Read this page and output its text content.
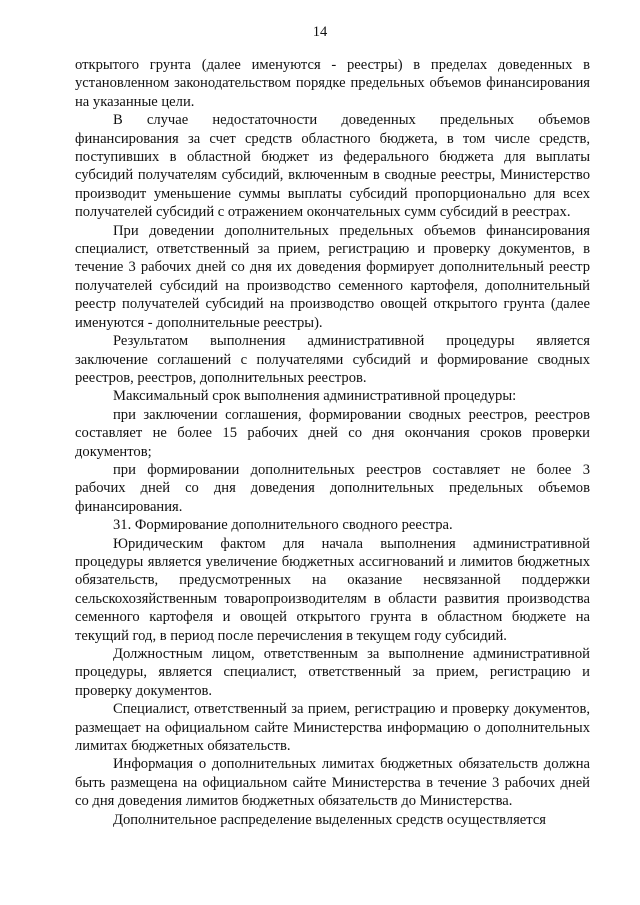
14

открытого грунта (далее именуются - реестры) в пределах доведенных в установленном законодательством порядке предельных объемов финансирования на указанные цели.

В случае недостаточности доведенных предельных объемов финансирования за счет средств областного бюджета, в том числе средств, поступивших в областной бюджет из федерального бюджета для выплаты субсидий получателям субсидий, включенным в сводные реестры, Министерство производит уменьшение суммы выплаты субсидий пропорционально для всех получателей субсидий с отражением окончательных сумм субсидий в реестрах.

При доведении дополнительных предельных объемов финансирования специалист, ответственный за прием, регистрацию и проверку документов, в течение 3 рабочих дней со дня их доведения формирует дополнительный реестр получателей субсидий на производство семенного картофеля, дополнительный реестр получателей субсидий на производство овощей открытого грунта (далее именуются - дополнительные реестры).

Результатом выполнения административной процедуры является заключение соглашений с получателями субсидий и формирование сводных реестров, реестров, дополнительных реестров.

Максимальный срок выполнения административной процедуры:

при заключении соглашения, формировании сводных реестров, реестров составляет не более 15 рабочих дней со дня окончания сроков проверки документов;

при формировании дополнительных реестров составляет не более 3 рабочих дней со дня доведения дополнительных предельных объемов финансирования.

31. Формирование дополнительного сводного реестра.

Юридическим фактом для начала выполнения административной процедуры является увеличение бюджетных ассигнований и лимитов бюджетных обязательств, предусмотренных на оказание несвязанной поддержки сельскохозяйственным товаропроизводителям в области развития производства семенного картофеля и овощей открытого грунта в областном бюджете на текущий год, в период после перечисления в текущем году субсидий.

Должностным лицом, ответственным за выполнение административной процедуры, является специалист, ответственный за прием, регистрацию и проверку документов.

Специалист, ответственный за прием, регистрацию и проверку документов, размещает на официальном сайте Министерства информацию о дополнительных лимитах бюджетных обязательств.

Информация о дополнительных лимитах бюджетных обязательств должна быть размещена на официальном сайте Министерства в течение 3 рабочих дней со дня доведения лимитов бюджетных обязательств до Министерства.

Дополнительное распределение выделенных средств осуществляется
